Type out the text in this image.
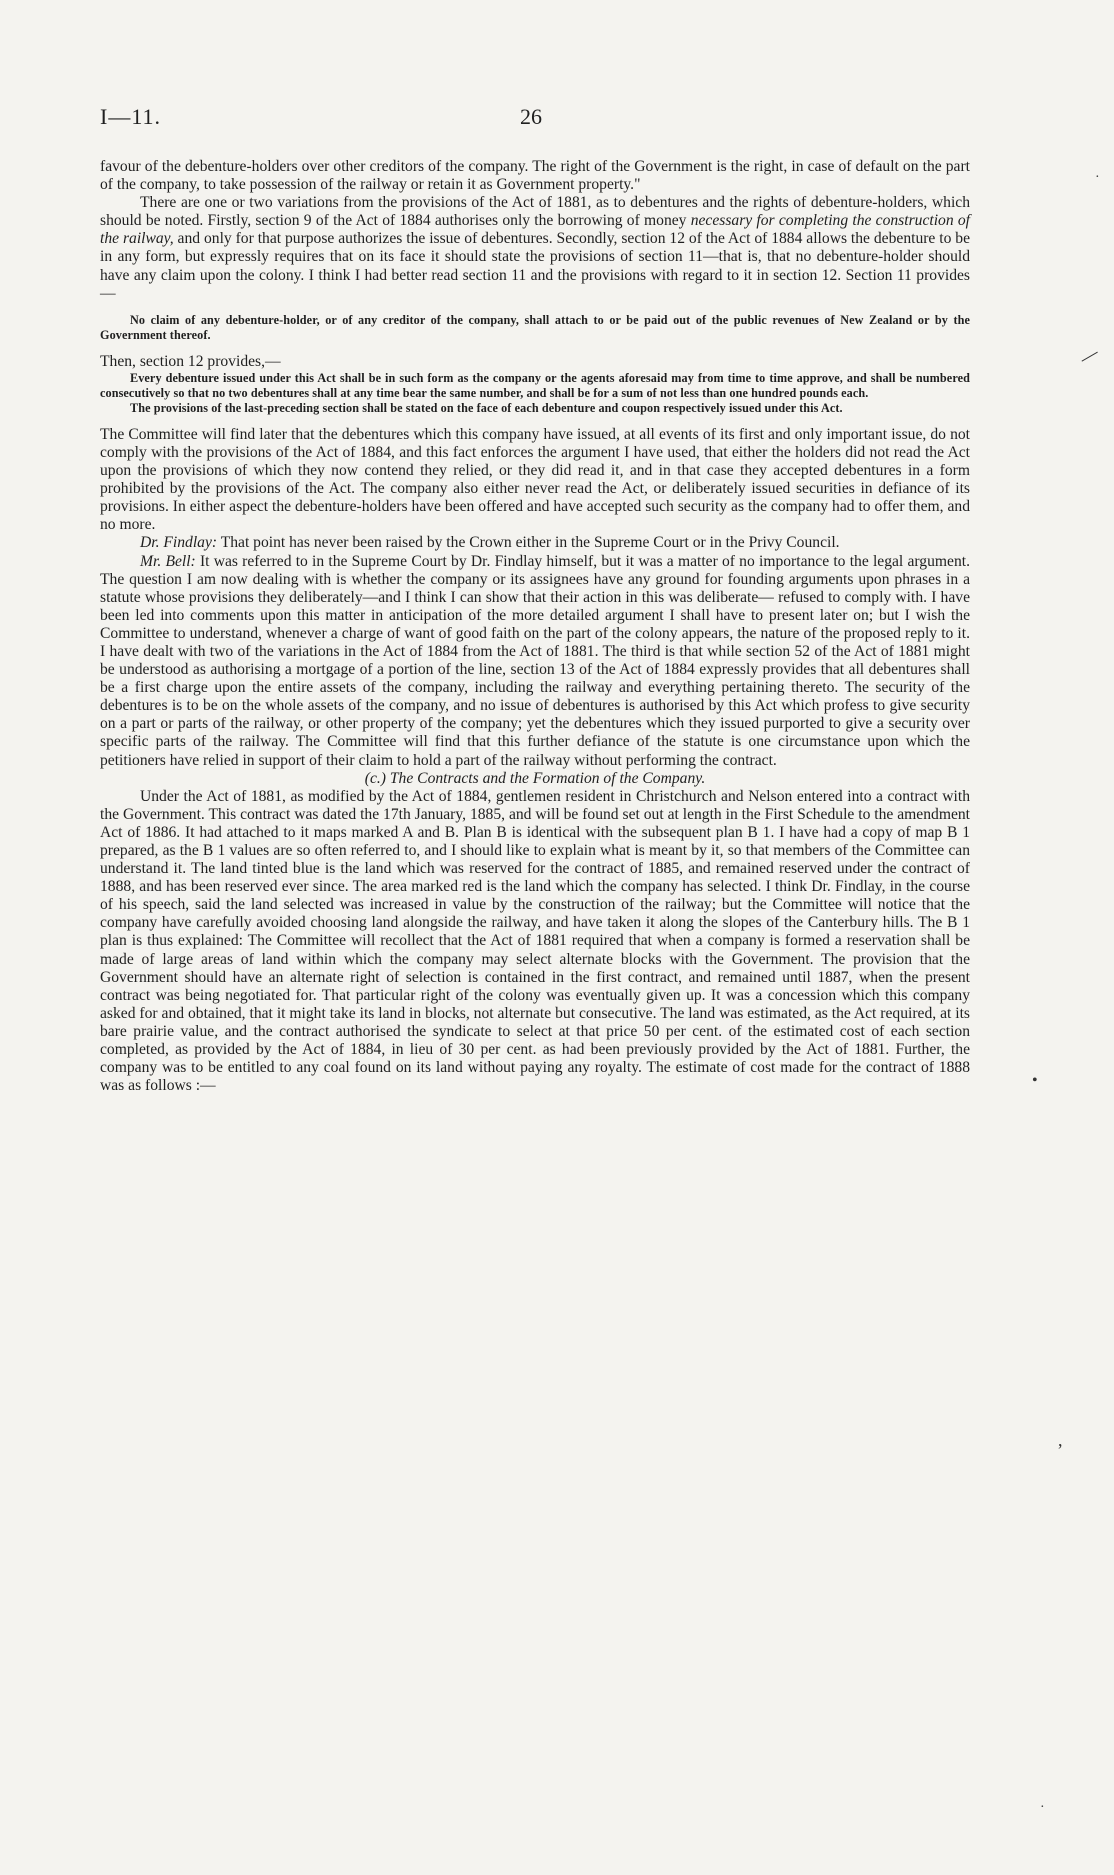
I—11.	26

favour of the debenture-holders over other creditors of the company. The right of the Government is the right, in case of default on the part of the company, to take possession of the railway or retain it as Government property."

There are one or two variations from the provisions of the Act of 1881, as to debentures and the rights of debenture-holders, which should be noted. Firstly, section 9 of the Act of 1884 authorises only the borrowing of money necessary for completing the construction of the railway, and only for that purpose authorizes the issue of debentures. Secondly, section 12 of the Act of 1884 allows the debenture to be in any form, but expressly requires that on its face it should state the provisions of section 11—that is, that no debenture-holder should have any claim upon the colony. I think I had better read section 11 and the provisions with regard to it in section 12. Section 11 provides—

No claim of any debenture-holder, or of any creditor of the company, shall attach to or be paid out of the public revenues of New Zealand or by the Government thereof.

Then, section 12 provides,—

Every debenture issued under this Act shall be in such form as the company or the agents aforesaid may from time to time approve, and shall be numbered consecutively so that no two debentures shall at any time bear the same number, and shall be for a sum of not less than one hundred pounds each.

The provisions of the last-preceding section shall be stated on the face of each debenture and coupon respectively issued under this Act.

The Committee will find later that the debentures which this company have issued, at all events of its first and only important issue, do not comply with the provisions of the Act of 1884, and this fact enforces the argument I have used, that either the holders did not read the Act upon the provisions of which they now contend they relied, or they did read it, and in that case they accepted debentures in a form prohibited by the provisions of the Act. The company also either never read the Act, or deliberately issued securities in defiance of its provisions. In either aspect the debenture-holders have been offered and have accepted such security as the company had to offer them, and no more.

Dr. Findlay: That point has never been raised by the Crown either in the Supreme Court or in the Privy Council.

Mr. Bell: It was referred to in the Supreme Court by Dr. Findlay himself, but it was a matter of no importance to the legal argument. The question I am now dealing with is whether the company or its assignees have any ground for founding arguments upon phrases in a statute whose provisions they deliberately—and I think I can show that their action in this was deliberate— refused to comply with. I have been led into comments upon this matter in anticipation of the more detailed argument I shall have to present later on; but I wish the Committee to understand, whenever a charge of want of good faith on the part of the colony appears, the nature of the proposed reply to it. I have dealt with two of the variations in the Act of 1884 from the Act of 1881. The third is that while section 52 of the Act of 1881 might be understood as authorising a mortgage of a portion of the line, section 13 of the Act of 1884 expressly provides that all debentures shall be a first charge upon the entire assets of the company, including the railway and everything pertaining thereto. The security of the debentures is to be on the whole assets of the company, and no issue of debentures is authorised by this Act which profess to give security on a part or parts of the railway, or other property of the company; yet the debentures which they issued purported to give a security over specific parts of the railway. The Committee will find that this further defiance of the statute is one circumstance upon which the petitioners have relied in support of their claim to hold a part of the railway without performing the contract.

(c.) The Contracts and the Formation of the Company.

Under the Act of 1881, as modified by the Act of 1884, gentlemen resident in Christchurch and Nelson entered into a contract with the Government. This contract was dated the 17th January, 1885, and will be found set out at length in the First Schedule to the amendment Act of 1886. It had attached to it maps marked A and B. Plan B is identical with the subsequent plan B 1. I have had a copy of map B 1 prepared, as the B 1 values are so often referred to, and I should like to explain what is meant by it, so that members of the Committee can understand it. The land tinted blue is the land which was reserved for the contract of 1885, and remained reserved under the contract of 1888, and has been reserved ever since. The area marked red is the land which the company has selected. I think Dr. Findlay, in the course of his speech, said the land selected was increased in value by the construction of the railway; but the Committee will notice that the company have carefully avoided choosing land alongside the railway, and have taken it along the slopes of the Canterbury hills. The B 1 plan is thus explained: The Committee will recollect that the Act of 1881 required that when a company is formed a reservation shall be made of large areas of land within which the company may select alternate blocks with the Government. The provision that the Government should have an alternate right of selection is contained in the first contract, and remained until 1887, when the present contract was being negotiated for. That particular right of the colony was eventually given up. It was a concession which this company asked for and obtained, that it might take its land in blocks, not alternate but consecutive. The land was estimated, as the Act required, at its bare prairie value, and the contract authorised the syndicate to select at that price 50 per cent. of the estimated cost of each section completed, as provided by the Act of 1884, in lieu of 30 per cent. as had been previously provided by the Act of 1881. Further, the company was to be entitled to any coal found on its land without paying any royalty. The estimate of cost made for the contract of 1888 was as follows :—

·
—
•
·
,
